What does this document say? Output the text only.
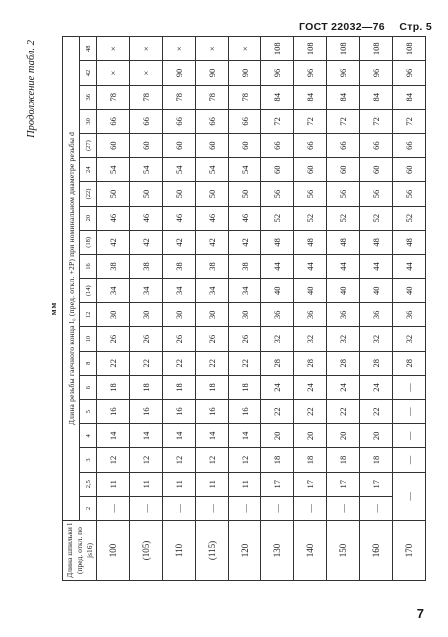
ГОСТ 22032—76 Стр. 5
Продолжение табл. 2
мм
Длина шпильки l
(пред. откл. по js16)	Длина резьбы гаечного конца l₀ (пред. откл. +2P) при номинальном диаметре резьбы d																			
	2	2,5	3	4	5	6	8	10	12	(14)	16	(18)	20	(22)	24	(27)	30	36	42	48
100	—	11	12	14	16	18	22	26	30	34	38	42	46	50	54	60	66	78	×	×
(105)	—	11	12	14	16	18	22	26	30	34	38	42	46	50	54	60	66	78	×	×
110	—	11	12	14	16	18	22	26	30	34	38	42	46	50	54	60	66	78	90	×
(115)	—	11	12	14	16	18	22	26	30	34	38	42	46	50	54	60	66	78	90	×
120	—	11	12	14	16	18	22	26	30	34	38	42	46	50	54	60	66	78	90	×
130	—	17	18	20	22	24	28	32	36	40	44	48	52	56	60	66	72	84	96	108
140	—	17	18	20	22	24	28	32	36	40	44	48	52	56	60	66	72	84	96	108
150	—	17	18	20	22	24	28	32	36	40	44	48	52	56	60	66	72	84	96	108
160	—	17	18	20	22	24	28	32	36	40	44	48	52	56	60	66	72	84	96	108
170	—		—	—	—	—	28	32	36	40	44	48	52	56	60	66	72	84	96	108
7
